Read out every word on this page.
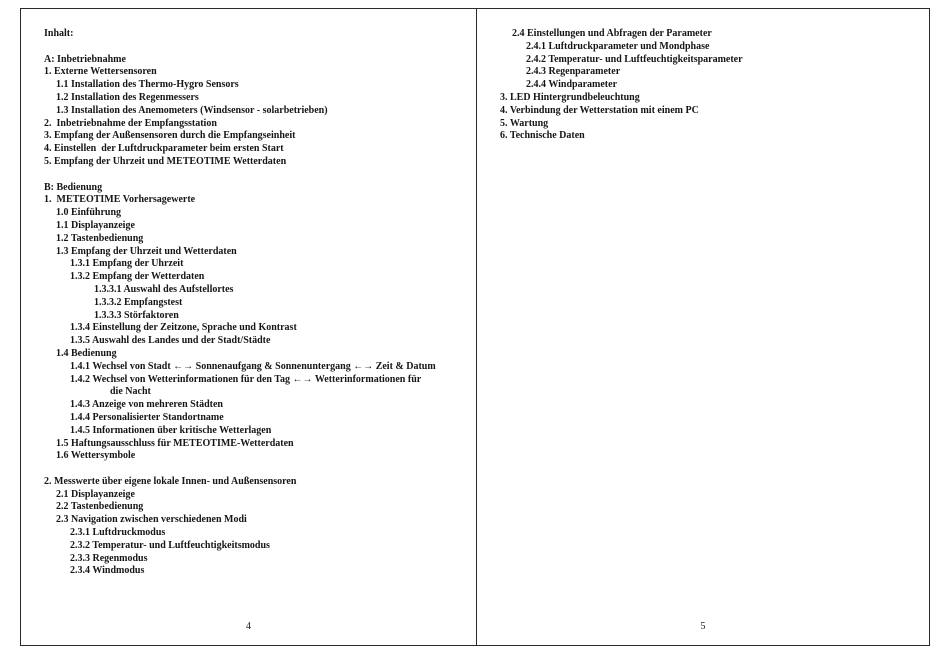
Inhalt:
A: Inbetriebnahme
1. Externe Wettersensoren
1.1 Installation des Thermo-Hygro Sensors
1.2 Installation des Regenmessers
1.3 Installation des Anemometers (Windsensor - solarbetrieben)
2.  Inbetriebnahme der Empfangsstation
3. Empfang der Außensensoren durch die Empfangseinheit
4. Einstellen  der Luftdruckparameter beim ersten Start
5. Empfang der Uhrzeit und METEOTIME Wetterdaten
B: Bedienung
1.  METEOTIME Vorhersagewerte
1.0 Einführung
1.1 Displayanzeige
1.2 Tastenbedienung
1.3 Empfang der Uhrzeit und Wetterdaten
1.3.1 Empfang der Uhrzeit
1.3.2 Empfang der Wetterdaten
1.3.3.1 Auswahl des Aufstellortes
1.3.3.2 Empfangstest
1.3.3.3 Störfaktoren
1.3.4 Einstellung der Zeitzone, Sprache und Kontrast
1.3.5 Auswahl des Landes und der Stadt/Städte
1.4 Bedienung
1.4.1 Wechsel von Stadt ←→ Sonnenaufgang & Sonnenuntergang ←→ Zeit & Datum
1.4.2 Wechsel von Wetterinformationen für den Tag ←→ Wetterinformationen für
die Nacht
1.4.3 Anzeige von mehreren Städten
1.4.4 Personalisierter Standortname
1.4.5 Informationen über kritische Wetterlagen
1.5 Haftungsausschluss für METEOTIME-Wetterdaten
1.6 Wettersymbole
2. Messwerte über eigene lokale Innen- und Außensensoren
2.1 Displayanzeige
2.2 Tastenbedienung
2.3 Navigation zwischen verschiedenen Modi
2.3.1 Luftdruckmodus
2.3.2 Temperatur- und Luftfeuchtigkeitsmodus
2.3.3 Regenmodus
2.3.4 Windmodus
4
2.4 Einstellungen und Abfragen der Parameter
2.4.1 Luftdruckparameter und Mondphase
2.4.2 Temperatur- und Luftfeuchtigkeitsparameter
2.4.3 Regenparameter
2.4.4 Windparameter
3. LED Hintergrundbeleuchtung
4. Verbindung der Wetterstation mit einem PC
5. Wartung
6. Technische Daten
5
